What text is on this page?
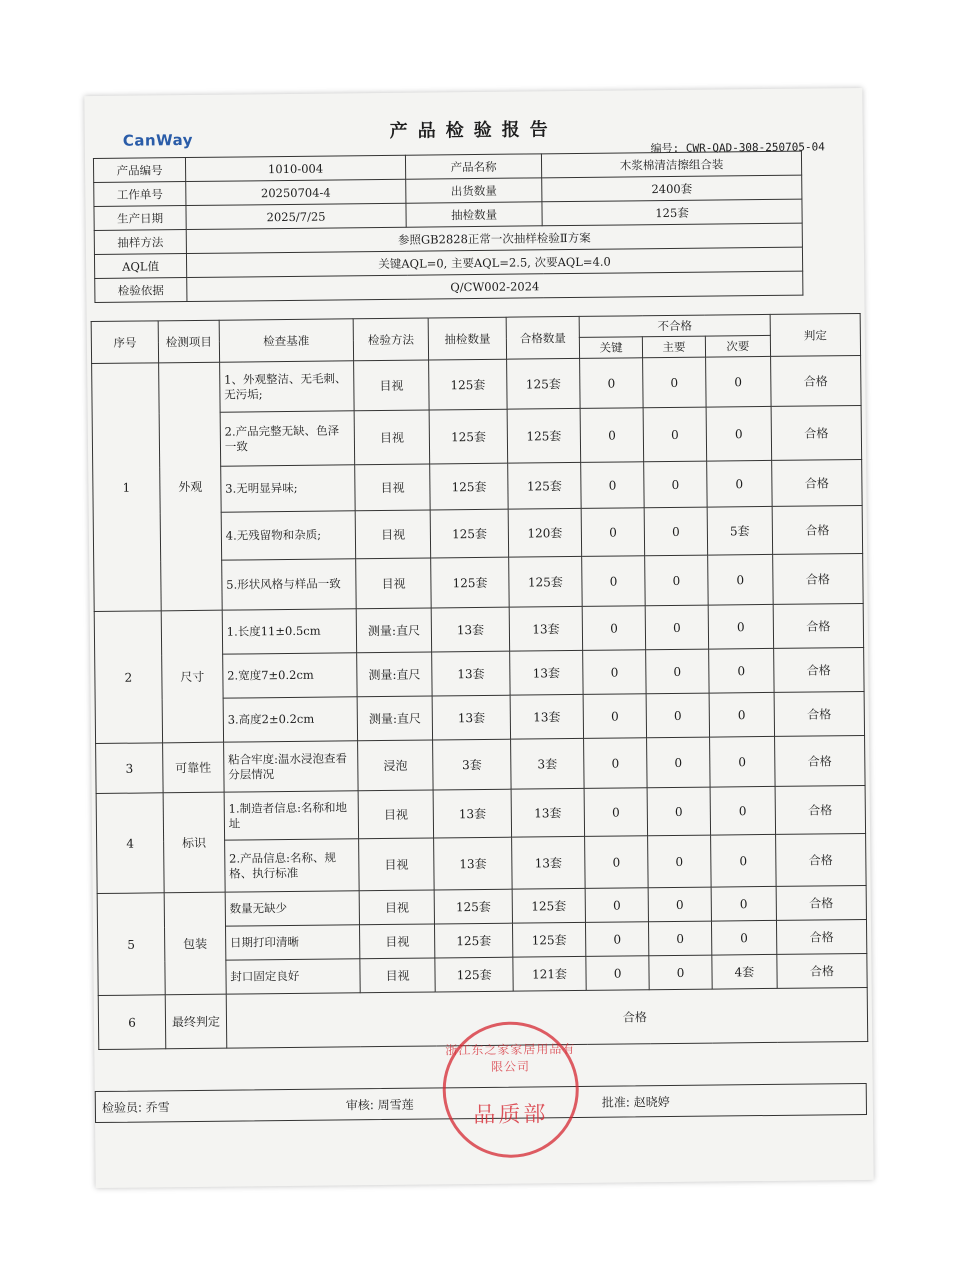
CanWay	产品检验报告
编号: CWR-QAD-308-250705-04
产品编号	1010-004	产品名称	木浆棉清洁擦组合装
工作单号	20250704-4	出货数量	2400套
生产日期	2025/7/25	抽检数量	125套
抽样方法	参照GB2828正常一次抽样检验Ⅱ方案		
AQL值	关键AQL=0, 主要AQL=2.5, 次要AQL=4.0		
检验依据	Q/CW002-2024		
序号	检测项目	检查基准	检验方法	抽检数量	合格数量	不合格			判定
						关键	主要	次要	
1	外观	1、外观整洁、无毛刺、无污垢;	目视	125套	125套	0	0	0	合格
		2.产品完整无缺、色泽一致	目视	125套	125套	0	0	0	合格
		3.无明显异味;	目视	125套	125套	0	0	0	合格
		4.无残留物和杂质;	目视	125套	120套	0	0	5套	合格
		5.形状风格与样品一致	目视	125套	125套	0	0	0	合格
2	尺寸	1.长度11±0.5cm	测量:直尺	13套	13套	0	0	0	合格
		2.宽度7±0.2cm	测量:直尺	13套	13套	0	0	0	合格
		3.高度2±0.2cm	测量:直尺	13套	13套	0	0	0	合格
3	可靠性	粘合牢度:温水浸泡查看分层情况	浸泡	3套	3套	0	0	0	合格
4	标识	1.制造者信息:名称和地址	目视	13套	13套	0	0	0	合格
		2.产品信息:名称、规格、执行标准	目视	13套	13套	0	0	0	合格
5	包装	数量无缺少	目视	125套	125套	0	0	0	合格
		日期打印清晰	目视	125套	125套	0	0	0	合格
		封口固定良好	目视	125套	121套	0	0	4套	合格
6	最终判定	合格							
检验员: 乔雪	审核: 周雪莲	批准: 赵晓婷
浙江东之家家居用品有限公司
品质部
